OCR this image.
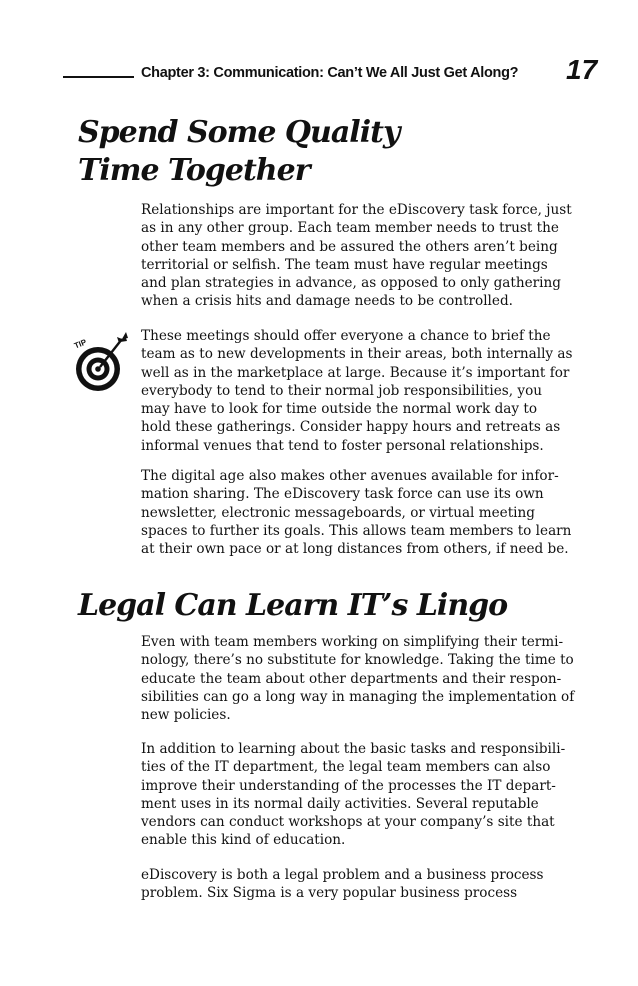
Chapter 3: Communication: Can’t We All Just Get Along? 17
Spend Some Quality
Time Together

Relationships are important for the eDiscovery task force, just
as in any other group. Each team member needs to trust the
other team members and be assured the others aren’t being
territorial or selfish. The team must have regular meetings
and plan strategies in advance, as opposed to only gathering
when a crisis hits and damage needs to be controlled.

TIP

These meetings should offer everyone a chance to brief the
team as to new developments in their areas, both internally as
well as in the marketplace at large. Because it’s important for
everybody to tend to their normal job responsibilities, you
may have to look for time outside the normal work day to
hold these gatherings. Consider happy hours and retreats as
informal venues that tend to foster personal relationships.

The digital age also makes other avenues available for infor-
mation sharing. The eDiscovery task force can use its own
newsletter, electronic messageboards, or virtual meeting
spaces to further its goals. This allows team members to learn
at their own pace or at long distances from others, if need be.

Legal Can Learn IT’s Lingo

Even with team members working on simplifying their termi-
nology, there’s no substitute for knowledge. Taking the time to
educate the team about other departments and their respon-
sibilities can go a long way in managing the implementation of
new policies.

In addition to learning about the basic tasks and responsibili-
ties of the IT department, the legal team members can also
improve their understanding of the processes the IT depart-
ment uses in its normal daily activities. Several reputable
vendors can conduct workshops at your company’s site that
enable this kind of education.

eDiscovery is both a legal problem and a business process
problem. Six Sigma is a very popular business process
